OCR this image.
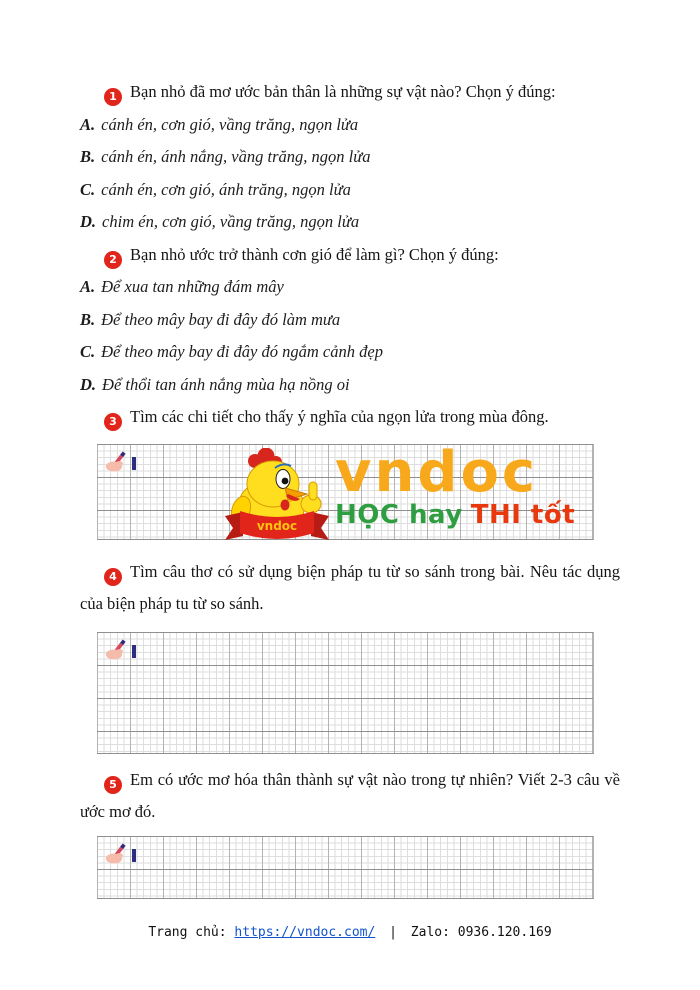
1 Bạn nhỏ đã mơ ước bản thân là những sự vật nào? Chọn ý đúng:

A. cánh én, cơn gió, vầng trăng, ngọn lửa

B. cánh én, ánh nắng, vầng trăng, ngọn lửa

C. cánh én, cơn gió, ánh trăng, ngọn lửa

D. chim én, cơn gió, vầng trăng, ngọn lửa

2 Bạn nhỏ ước trở thành cơn gió để làm gì? Chọn ý đúng:

A. Để xua tan những đám mây

B. Để theo mây bay đi đây đó làm mưa

C. Để theo mây bay đi đây đó ngắm cảnh đẹp

D. Để thổi tan ánh nắng mùa hạ nồng oi

3 Tìm các chi tiết cho thấy ý nghĩa của ngọn lửa trong mùa đông.

vndoc
vndoc
HỌC hay THI tốt

4 Tìm câu thơ có sử dụng biện pháp tu từ so sánh trong bài. Nêu tác dụng của biện pháp tu từ so sánh.

5 Em có ước mơ hóa thân thành sự vật nào trong tự nhiên? Viết 2-3 câu về ước mơ đó.

Trang chủ: https://vndoc.com/ | Zalo: 0936.120.169
